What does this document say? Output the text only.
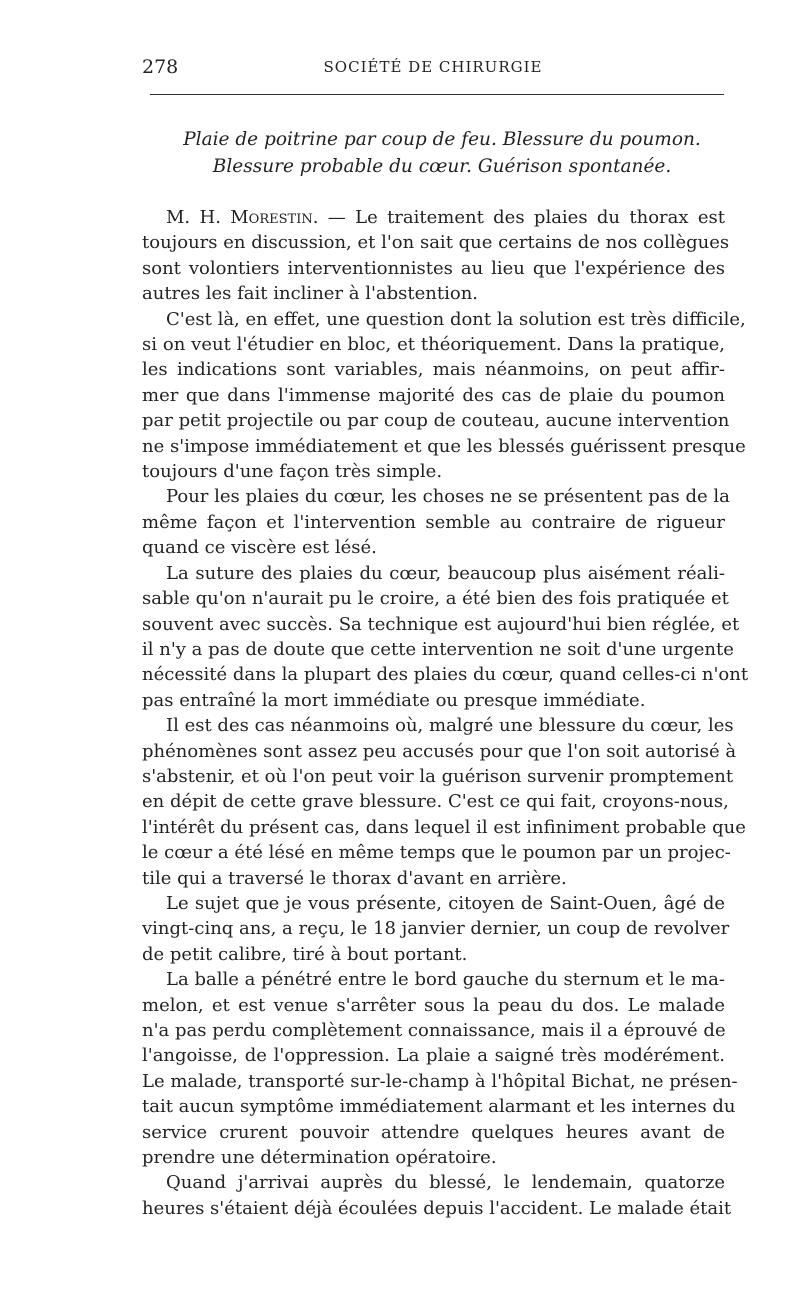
278	SOCIÉTÉ DE CHIRURGIE
Plaie de poitrine par coup de feu. Blessure du poumon.
Blessure probable du cœur. Guérison spontanée.

M. H. Morestin. — Le traitement des plaies du thorax est
toujours en discussion, et l'on sait que certains de nos collègues
sont volontiers interventionnistes au lieu que l'expérience des
autres les fait incliner à l'abstention.

C'est là, en effet, une question dont la solution est très difficile,
si on veut l'étudier en bloc, et théoriquement. Dans la pratique,
les indications sont variables, mais néanmoins, on peut affir-
mer que dans l'immense majorité des cas de plaie du poumon
par petit projectile ou par coup de couteau, aucune intervention
ne s'impose immédiatement et que les blessés guérissent presque
toujours d'une façon très simple.

Pour les plaies du cœur, les choses ne se présentent pas de la
même façon et l'intervention semble au contraire de rigueur
quand ce viscère est lésé.

La suture des plaies du cœur, beaucoup plus aisément réali-
sable qu'on n'aurait pu le croire, a été bien des fois pratiquée et
souvent avec succès. Sa technique est aujourd'hui bien réglée, et
il n'y a pas de doute que cette intervention ne soit d'une urgente
nécessité dans la plupart des plaies du cœur, quand celles-ci n'ont
pas entraîné la mort immédiate ou presque immédiate.

Il est des cas néanmoins où, malgré une blessure du cœur, les
phénomènes sont assez peu accusés pour que l'on soit autorisé à
s'abstenir, et où l'on peut voir la guérison survenir promptement
en dépit de cette grave blessure. C'est ce qui fait, croyons-nous,
l'intérêt du présent cas, dans lequel il est infiniment probable que
le cœur a été lésé en même temps que le poumon par un projec-
tile qui a traversé le thorax d'avant en arrière.

Le sujet que je vous présente, citoyen de Saint-Ouen, âgé de
vingt-cinq ans, a reçu, le 18 janvier dernier, un coup de revolver
de petit calibre, tiré à bout portant.

La balle a pénétré entre le bord gauche du sternum et le ma-
melon, et est venue s'arrêter sous la peau du dos. Le malade
n'a pas perdu complètement connaissance, mais il a éprouvé de
l'angoisse, de l'oppression. La plaie a saigné très modérément.
Le malade, transporté sur-le-champ à l'hôpital Bichat, ne présen-
tait aucun symptôme immédiatement alarmant et les internes du
service crurent pouvoir attendre quelques heures avant de
prendre une détermination opératoire.

Quand j'arrivai auprès du blessé, le lendemain, quatorze
heures s'étaient déjà écoulées depuis l'accident. Le malade était
